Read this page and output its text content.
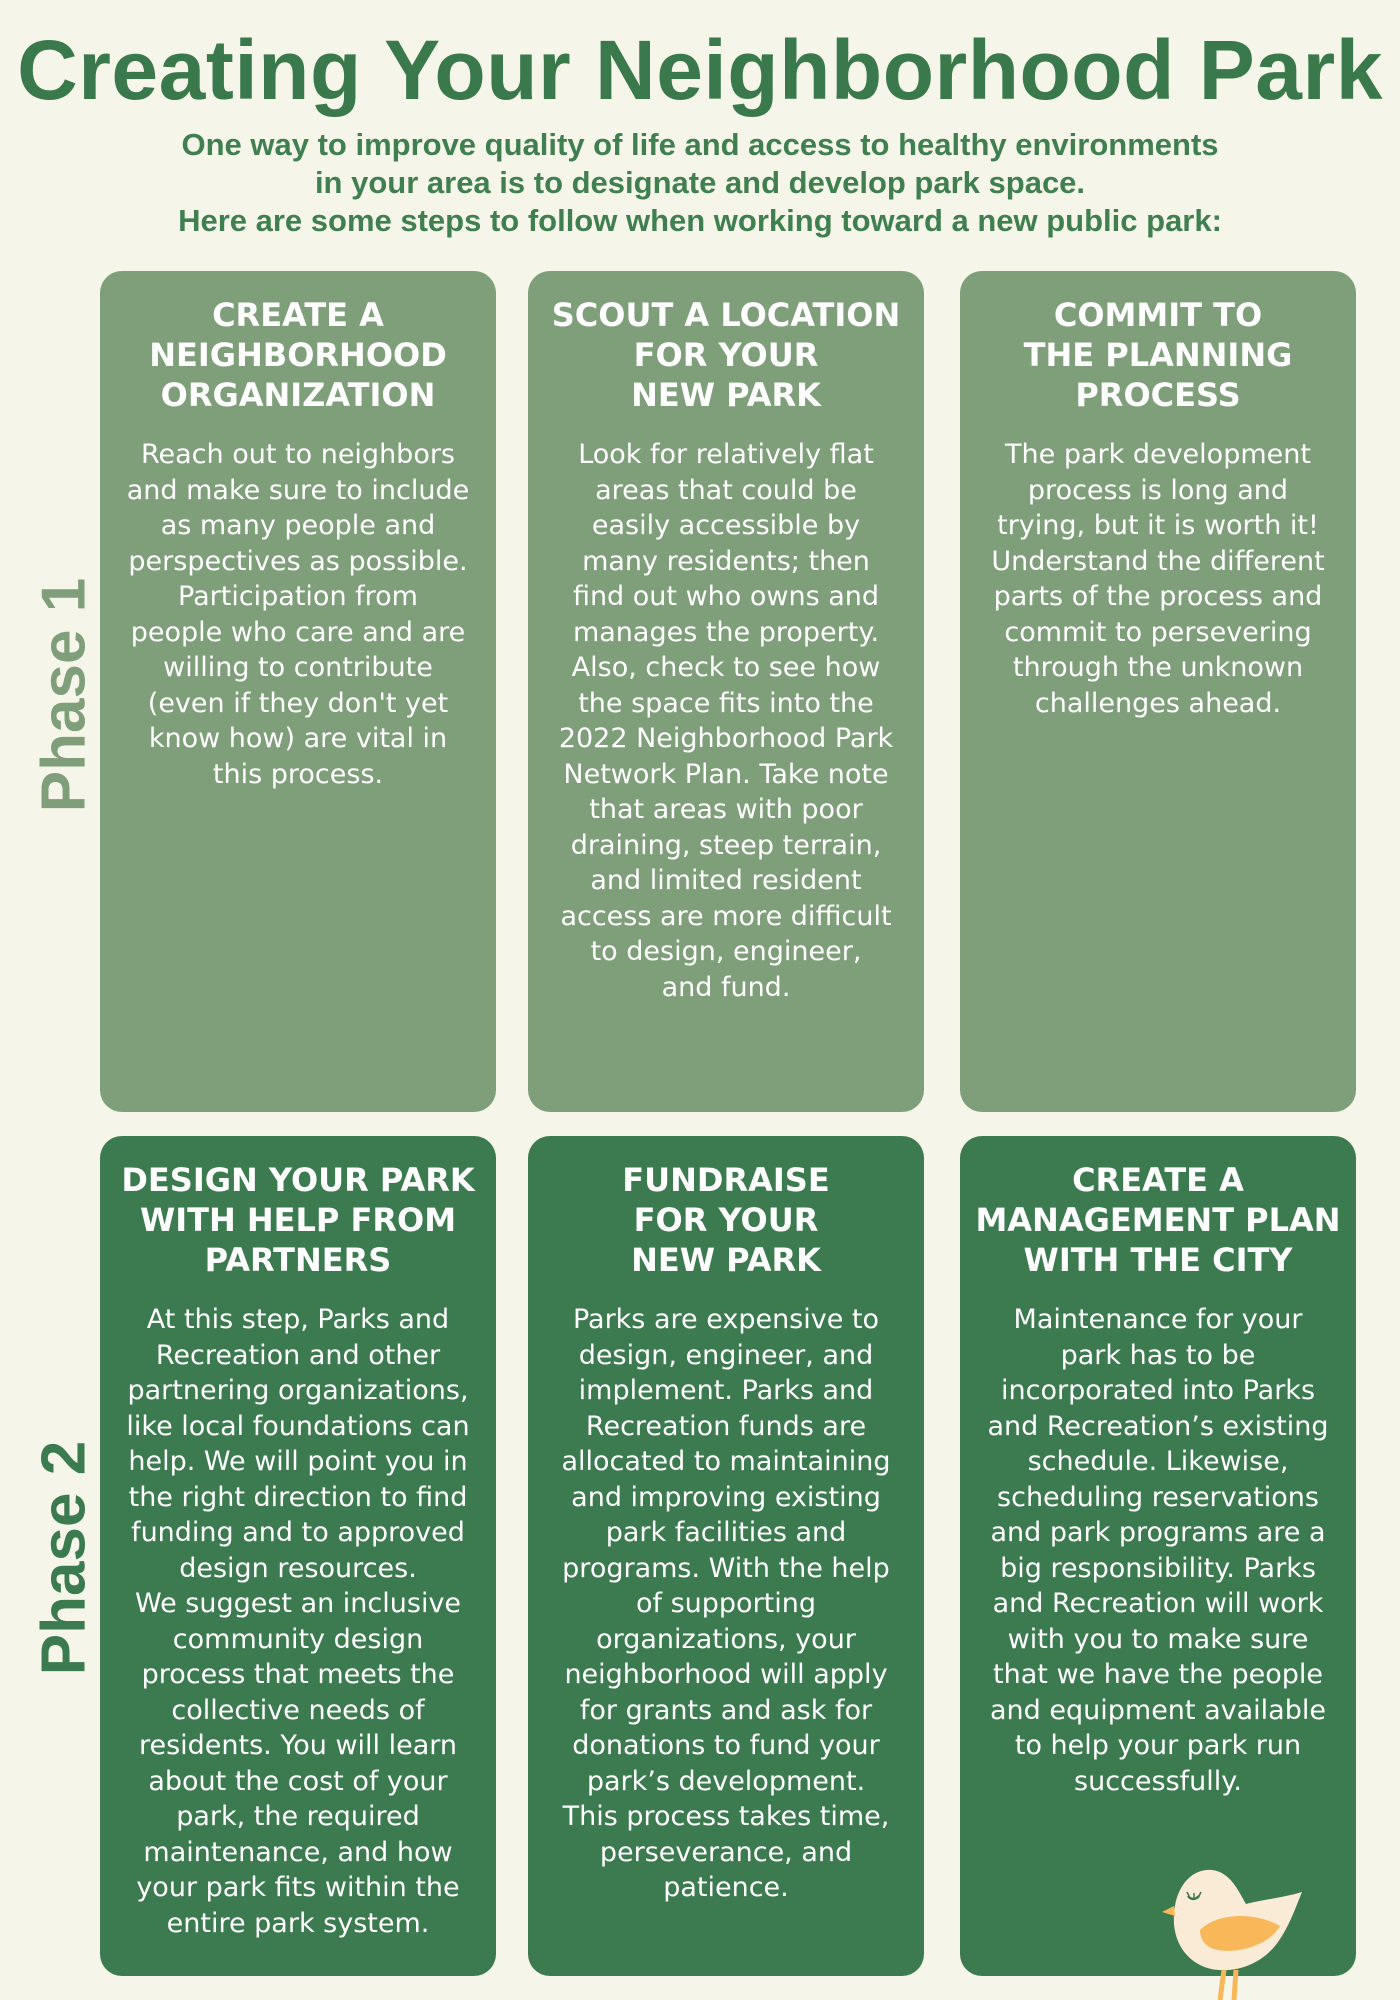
Creating Your Neighborhood Park
One way to improve quality of life and access to healthy environments
in your area is to designate and develop park space.
Here are some steps to follow when working toward a new public park:
Phase 1
Phase 2
CREATE A
NEIGHBORHOOD
ORGANIZATION

Reach out to neighbors
and make sure to include
as many people and
perspectives as possible.
Participation from
people who care and are
willing to contribute
(even if they don't yet
know how) are vital in
this process.

SCOUT A LOCATION
FOR YOUR
NEW PARK

Look for relatively flat
areas that could be
easily accessible by
many residents; then
find out who owns and
manages the property.
Also, check to see how
the space fits into the
2022 Neighborhood Park
Network Plan. Take note
that areas with poor
draining, steep terrain,
and limited resident
access are more difficult
to design, engineer,
and fund.

COMMIT TO
THE PLANNING
PROCESS

The park development
process is long and
trying, but it is worth it!
Understand the different
parts of the process and
commit to persevering
through the unknown
challenges ahead.

DESIGN YOUR PARK
WITH HELP FROM
PARTNERS

At this step, Parks and
Recreation and other
partnering organizations,
like local foundations can
help. We will point you in
the right direction to find
funding and to approved
design resources.
We suggest an inclusive
community design
process that meets the
collective needs of
residents. You will learn
about the cost of your
park, the required
maintenance, and how
your park fits within the
entire park system.

FUNDRAISE
FOR YOUR
NEW PARK

Parks are expensive to
design, engineer, and
implement. Parks and
Recreation funds are
allocated to maintaining
and improving existing
park facilities and
programs. With the help
of supporting
organizations, your
neighborhood will apply
for grants and ask for
donations to fund your
park’s development.
This process takes time,
perseverance, and
patience.

CREATE A
MANAGEMENT PLAN
WITH THE CITY

Maintenance for your
park has to be
incorporated into Parks
and Recreation’s existing
schedule. Likewise,
scheduling reservations
and park programs are a
big responsibility. Parks
and Recreation will work
with you to make sure
that we have the people
and equipment available
to help your park run
successfully.
